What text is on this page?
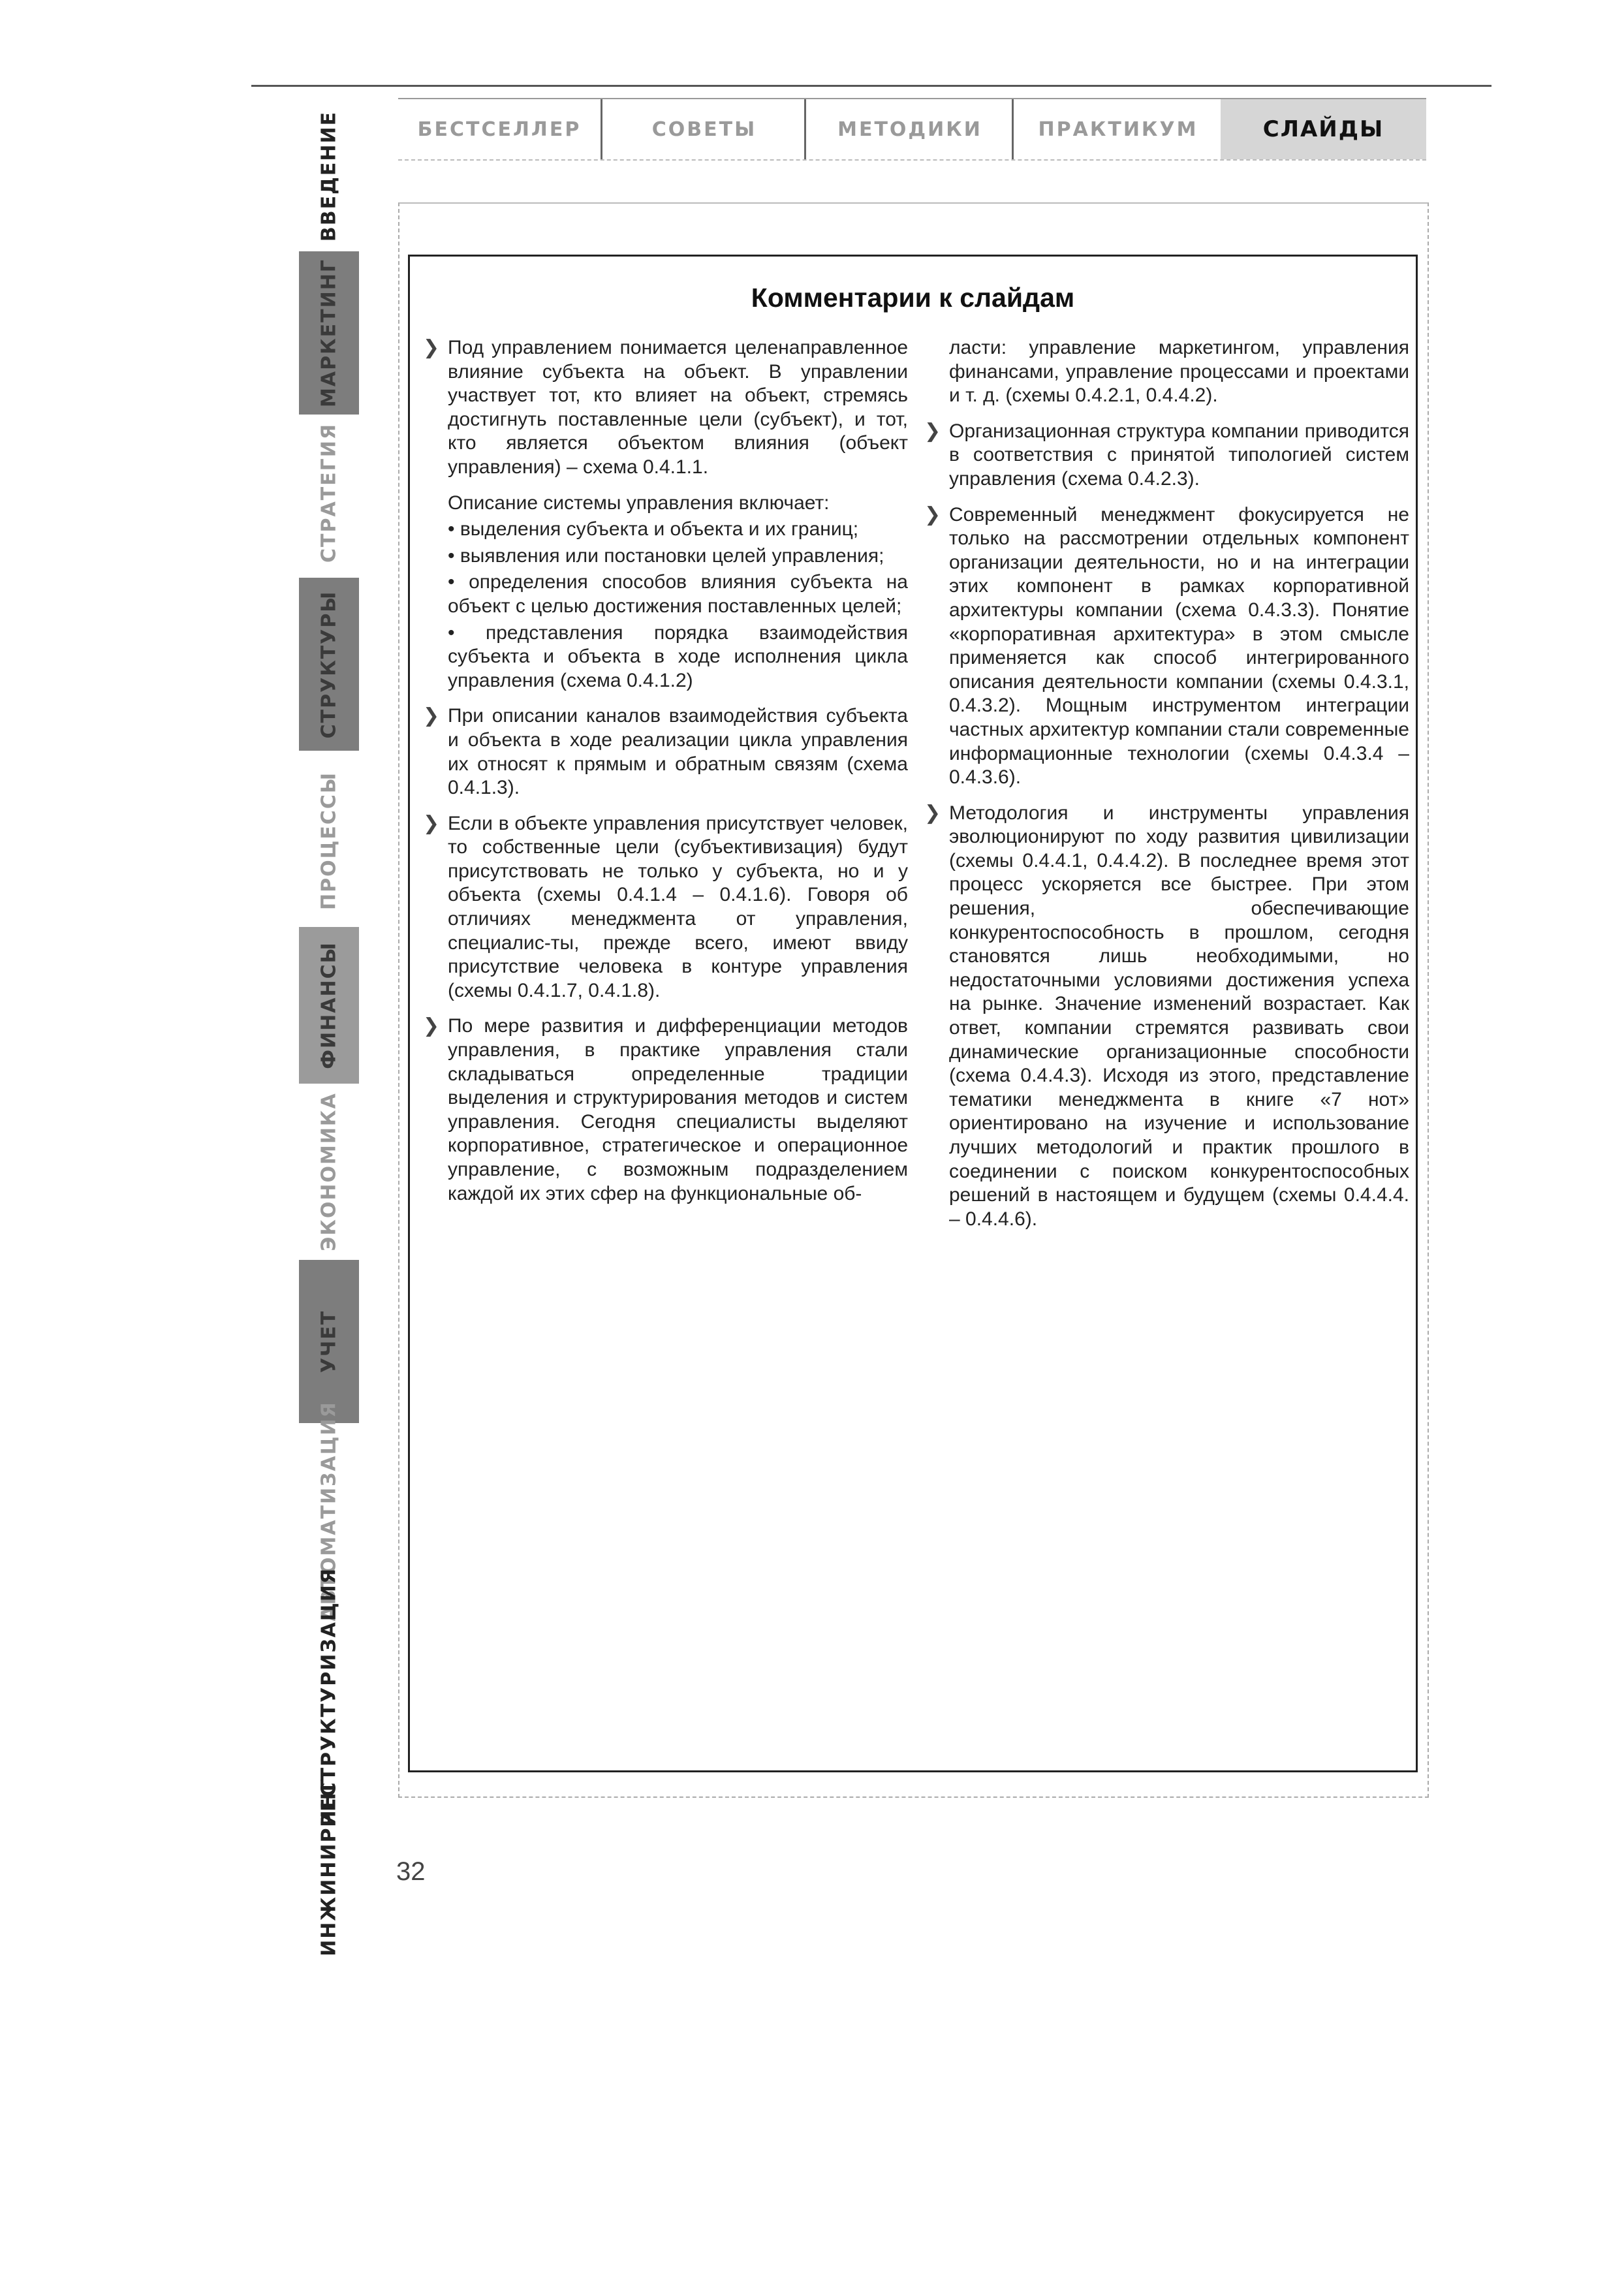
БЕСТСЕЛЛЕР	СОВЕТЫ	МЕТОДИКИ	ПРАКТИКУМ	СЛАЙДЫ
ВВЕДЕНИЕ
МАРКЕТИНГ
СТРАТЕГИЯ
СТРУКТУРЫ
ПРОЦЕССЫ
ФИНАНСЫ
ЭКОНОМИКА
УЧЕТ
АВТОМАТИЗАЦИЯ
РЕСТРУКТУРИЗАЦИЯ
ИНЖИНИРИНГ
Комментарии к слайдам

❯ Под управлением понимается целенаправленное влияние субъекта на объект. В управлении участвует тот, кто влияет на объект, стремясь достигнуть поставленные цели (субъект), и тот, кто является объектом влияния (объект управления) – схема 0.4.1.1.

Описание системы управления включает:

• выделения субъекта и объекта и их границ;

• выявления или постановки целей управления;

• определения способов влияния субъекта на объект с целью достижения поставленных целей;

• представления порядка взаимодействия субъекта и объекта в ходе исполнения цикла управления (схема 0.4.1.2)

❯ При описании каналов взаимодействия субъекта и объекта в ходе реализации цикла управления их относят к прямым и обратным связям (схема 0.4.1.3).

❯ Если в объекте управления присутствует человек, то собственные цели (субъективизация) будут присутствовать не только у субъекта, но и у объекта (схемы 0.4.1.4 – 0.4.1.6). Говоря об отличиях менеджмента от управления, специалис-ты, прежде всего, имеют ввиду присутствие человека в контуре управления (схемы 0.4.1.7, 0.4.1.8).

❯ По мере развития и дифференциации методов управления, в практике управления стали складываться определенные традиции выделения и структурирования методов и систем управления. Сегодня специалисты выделяют корпоративное, стратегическое и операционное управление, с возможным подразделением каждой их этих сфер на функциональные об-

ласти: управление маркетингом, управления финансами, управление процессами и проектами и т. д. (схемы 0.4.2.1, 0.4.4.2).

❯ Организационная структура компании приводится в соответствия с принятой типологией систем управления (схема 0.4.2.3).

❯ Современный менеджмент фокусируется не только на рассмотрении отдельных компонент организации деятельности, но и на интеграции этих компонент в рамках корпоративной архитектуры компании (схема 0.4.3.3). Понятие «корпоративная архитектура» в этом смысле применяется как способ интегрированного описания деятельности компании (схемы 0.4.3.1, 0.4.3.2). Мощным инструментом интеграции частных архитектур компании стали современные информационные технологии (схемы 0.4.3.4 – 0.4.3.6).

❯ Методология и инструменты управления эволюционируют по ходу развития цивилизации (схемы 0.4.4.1, 0.4.4.2). В последнее время этот процесс ускоряется все быстрее. При этом решения, обеспечивающие конкурентоспособность в прошлом, сегодня становятся лишь необходимыми, но недостаточными условиями достижения успеха на рынке. Значение изменений возрастает. Как ответ, компании стремятся развивать свои динамические организационные способности (схема 0.4.4.3). Исходя из этого, представление тематики менеджмента в книге «7 нот» ориентировано на изучение и использование лучших методологий и практик прошлого в соединении с поиском конкурентоспособных решений в настоящем и будущем (схемы 0.4.4.4. – 0.4.4.6).

32
